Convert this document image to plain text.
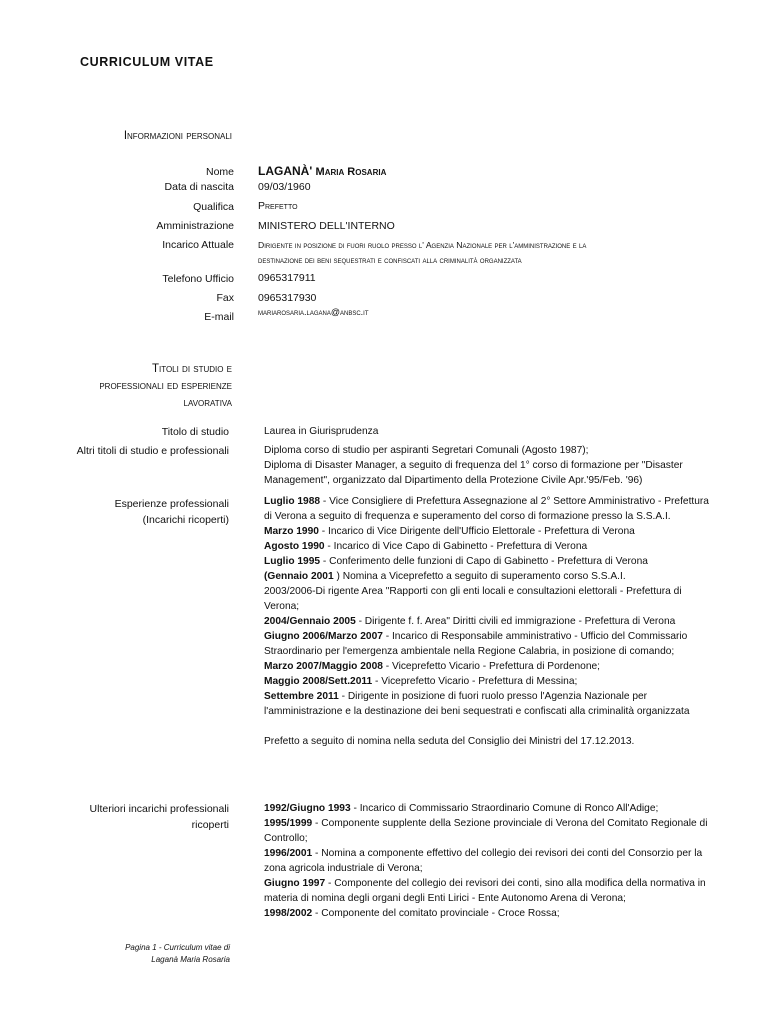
CURRICULUM VITAE
Informazioni personali
Nome LAGANÀ' Maria Rosaria
Data di nascita 09/03/1960
Qualifica Prefetto
Amministrazione MINISTERO DELL'INTERNO
Incarico Attuale	Dirigente in posizione di fuori ruolo presso l' Agenzia Nazionale per l'amministrazione e la
destinazione dei beni sequestrati e confiscati alla criminalità organizzata
Telefono Ufficio 0965317911
Fax 0965317930
E-mail	mariarosaria.lagana@anbsc.it
Titoli di studio e
professionali ed esperienze
lavorativa
Titolo di studio	Laurea in Giurisprudenza
Altri titoli di studio e professionali	Diploma corso di studio per aspiranti Segretari Comunali (Agosto 1987);
Diploma di Disaster Manager, a seguito di frequenza del 1° corso di formazione per "Disaster
Management", organizzato dal Dipartimento della Protezione Civile Apr.'95/Feb. '96)
Esperienze professionali
(Incarichi ricoperti)
Luglio 1988 - Vice Consigliere di Prefettura Assegnazione al 2° Settore Amministrativo - Prefettura di Verona a seguito di frequenza e superamento del corso di formazione presso la S.S.A.I.
Marzo 1990 - Incarico di Vice Dirigente dell'Ufficio Elettorale - Prefettura di Verona
Agosto 1990 - Incarico di Vice Capo di Gabinetto - Prefettura di Verona
Luglio 1995 - Conferimento delle funzioni di Capo di Gabinetto - Prefettura di Verona
(Gennaio 2001 ) Nomina a Viceprefetto a seguito di superamento corso S.S.A.I.
2003/2006-Di rigente Area "Rapporti con gli enti locali e consultazioni elettorali - Prefettura di Verona;
2004/Gennaio 2005 - Dirigente f. f. Area" Diritti civili ed immigrazione - Prefettura di Verona
Giugno 2006/Marzo 2007 - Incarico di Responsabile amministrativo - Ufficio del Commissario Straordinario per l'emergenza ambientale nella Regione Calabria, in posizione di comando;
Marzo 2007/Maggio 2008 - Viceprefetto Vicario - Prefettura di Pordenone;
Maggio 2008/Sett.2011 - Viceprefetto Vicario - Prefettura di Messina;
Settembre 2011 - Dirigente in posizione di fuori ruolo presso l'Agenzia Nazionale per l'amministrazione e la destinazione dei beni sequestrati e confiscati alla criminalità organizzata
Prefetto a seguito di nomina nella seduta del Consiglio dei Ministri del 17.12.2013.
Ulteriori incarichi professionali
ricoperti
1992/Giugno 1993 - Incarico di Commissario Straordinario Comune di Ronco All'Adige;
1995/1999 - Componente supplente della Sezione provinciale di Verona del Comitato Regionale di Controllo;
1996/2001 - Nomina a componente effettivo del collegio dei revisori dei conti del Consorzio per la zona agricola industriale di Verona;
Giugno 1997 - Componente del collegio dei revisori dei conti, sino alla modifica della normativa in materia di nomina degli organi degli Enti Lirici - Ente Autonomo Arena di Verona;
1998/2002 - Componente del comitato provinciale - Croce Rossa;
Pagina 1 - Curriculum vitae di
Laganà Maria Rosaria
